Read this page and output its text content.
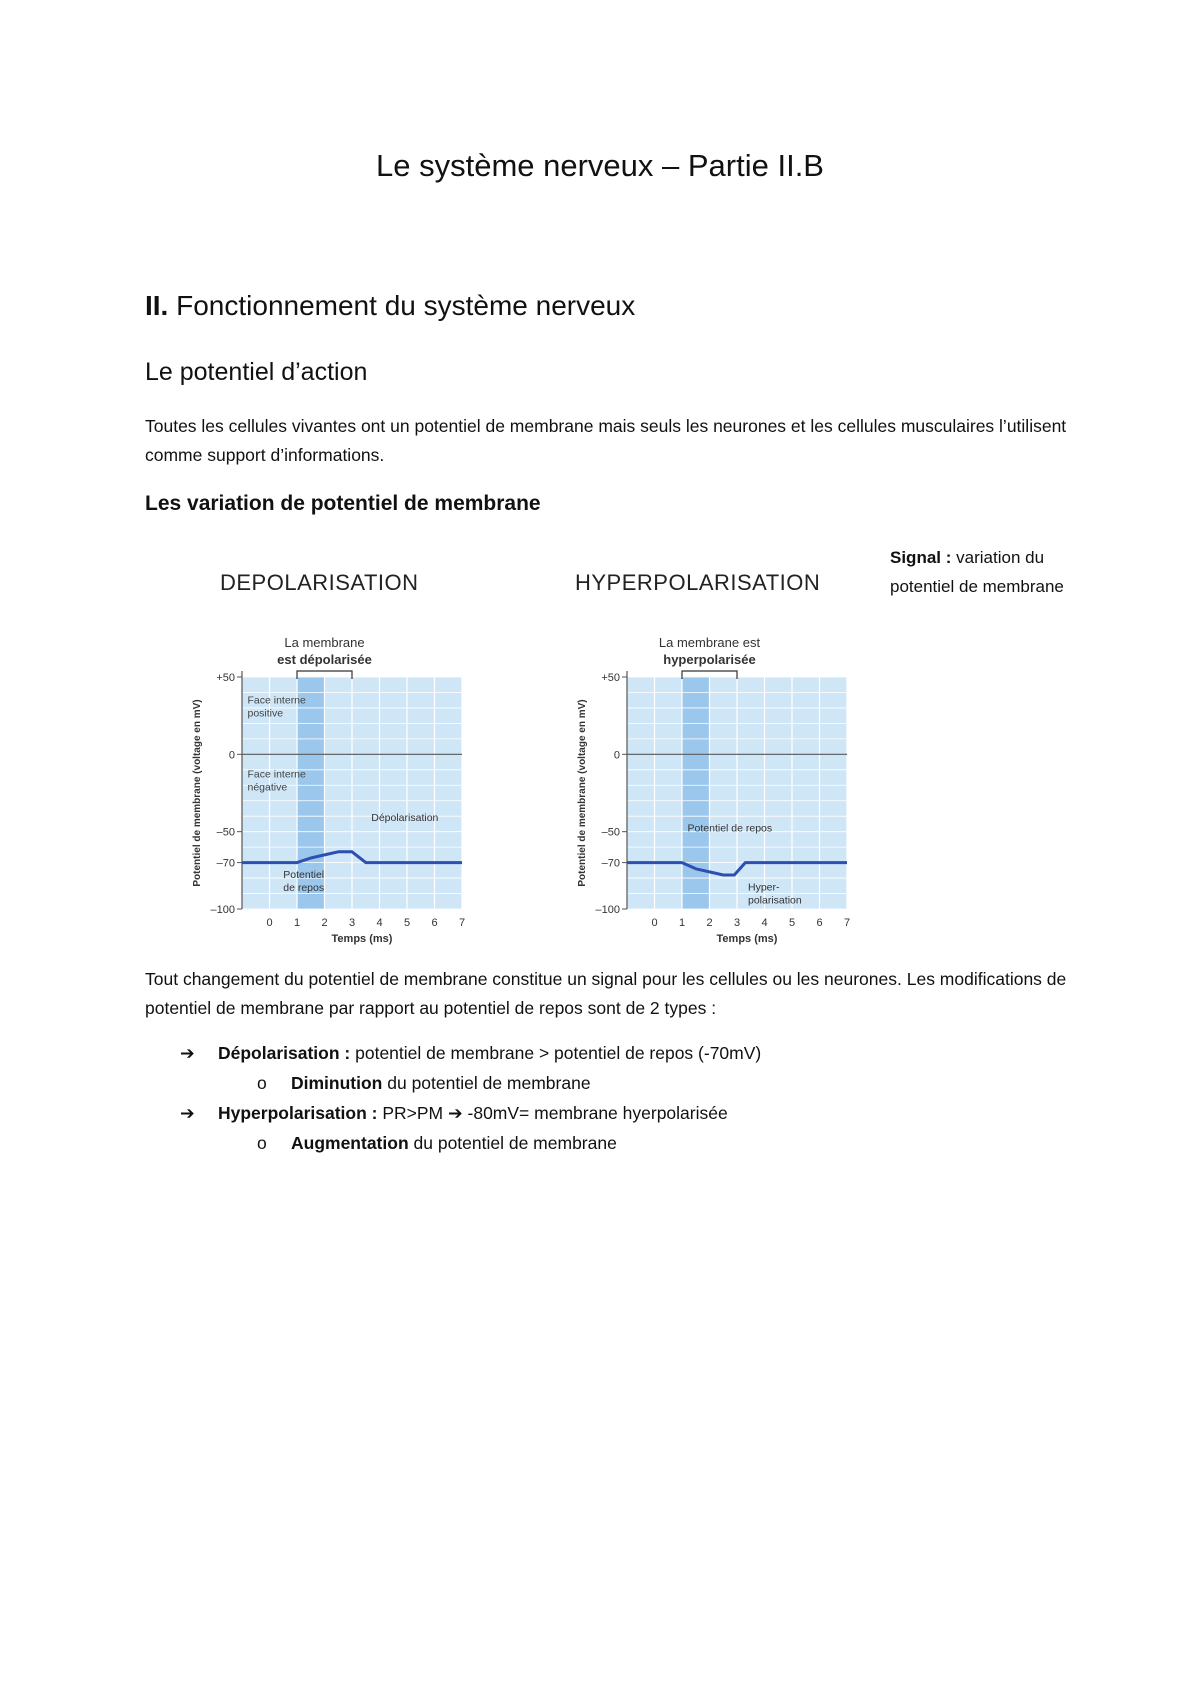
Le système nerveux – Partie II.B
II. Fonctionnement du système nerveux
Le potentiel d’action

Toutes les cellules vivantes ont un potentiel de membrane mais seuls les neurones et les cellules musculaires l’utilisent comme support d’informations.

Les variation de potentiel de membrane

Signal : variation du potentiel de membrane

DEPOLARISATION
+50
0
–50
–70
–100
0 1 2 3 4 5 6 7
Temps (ms)
Potentiel de membrane (voltage en mV)
La membrane
est dépolarisée
Face interne
positive
Face interne
négative
Dépolarisation
Potentiel
de repos
HYPERPOLARISATION
+50
0
–50
–70
–100
0 1 2 3 4 5 6 7
Temps (ms)
Potentiel de membrane (voltage en mV)
La membrane est
hyperpolarisée
Potentiel de repos
Hyper-
polarisation

Tout changement du potentiel de membrane constitue un signal pour les cellules ou les neurones. Les modifications de potentiel de membrane par rapport au potentiel de repos sont de 2 types :

➔ Dépolarisation : potentiel de membrane > potentiel de repos (-70mV)
o Diminution du potentiel de membrane
➔ Hyperpolarisation : PR>PM ➔ -80mV= membrane hyerpolarisée
o Augmentation du potentiel de membrane
